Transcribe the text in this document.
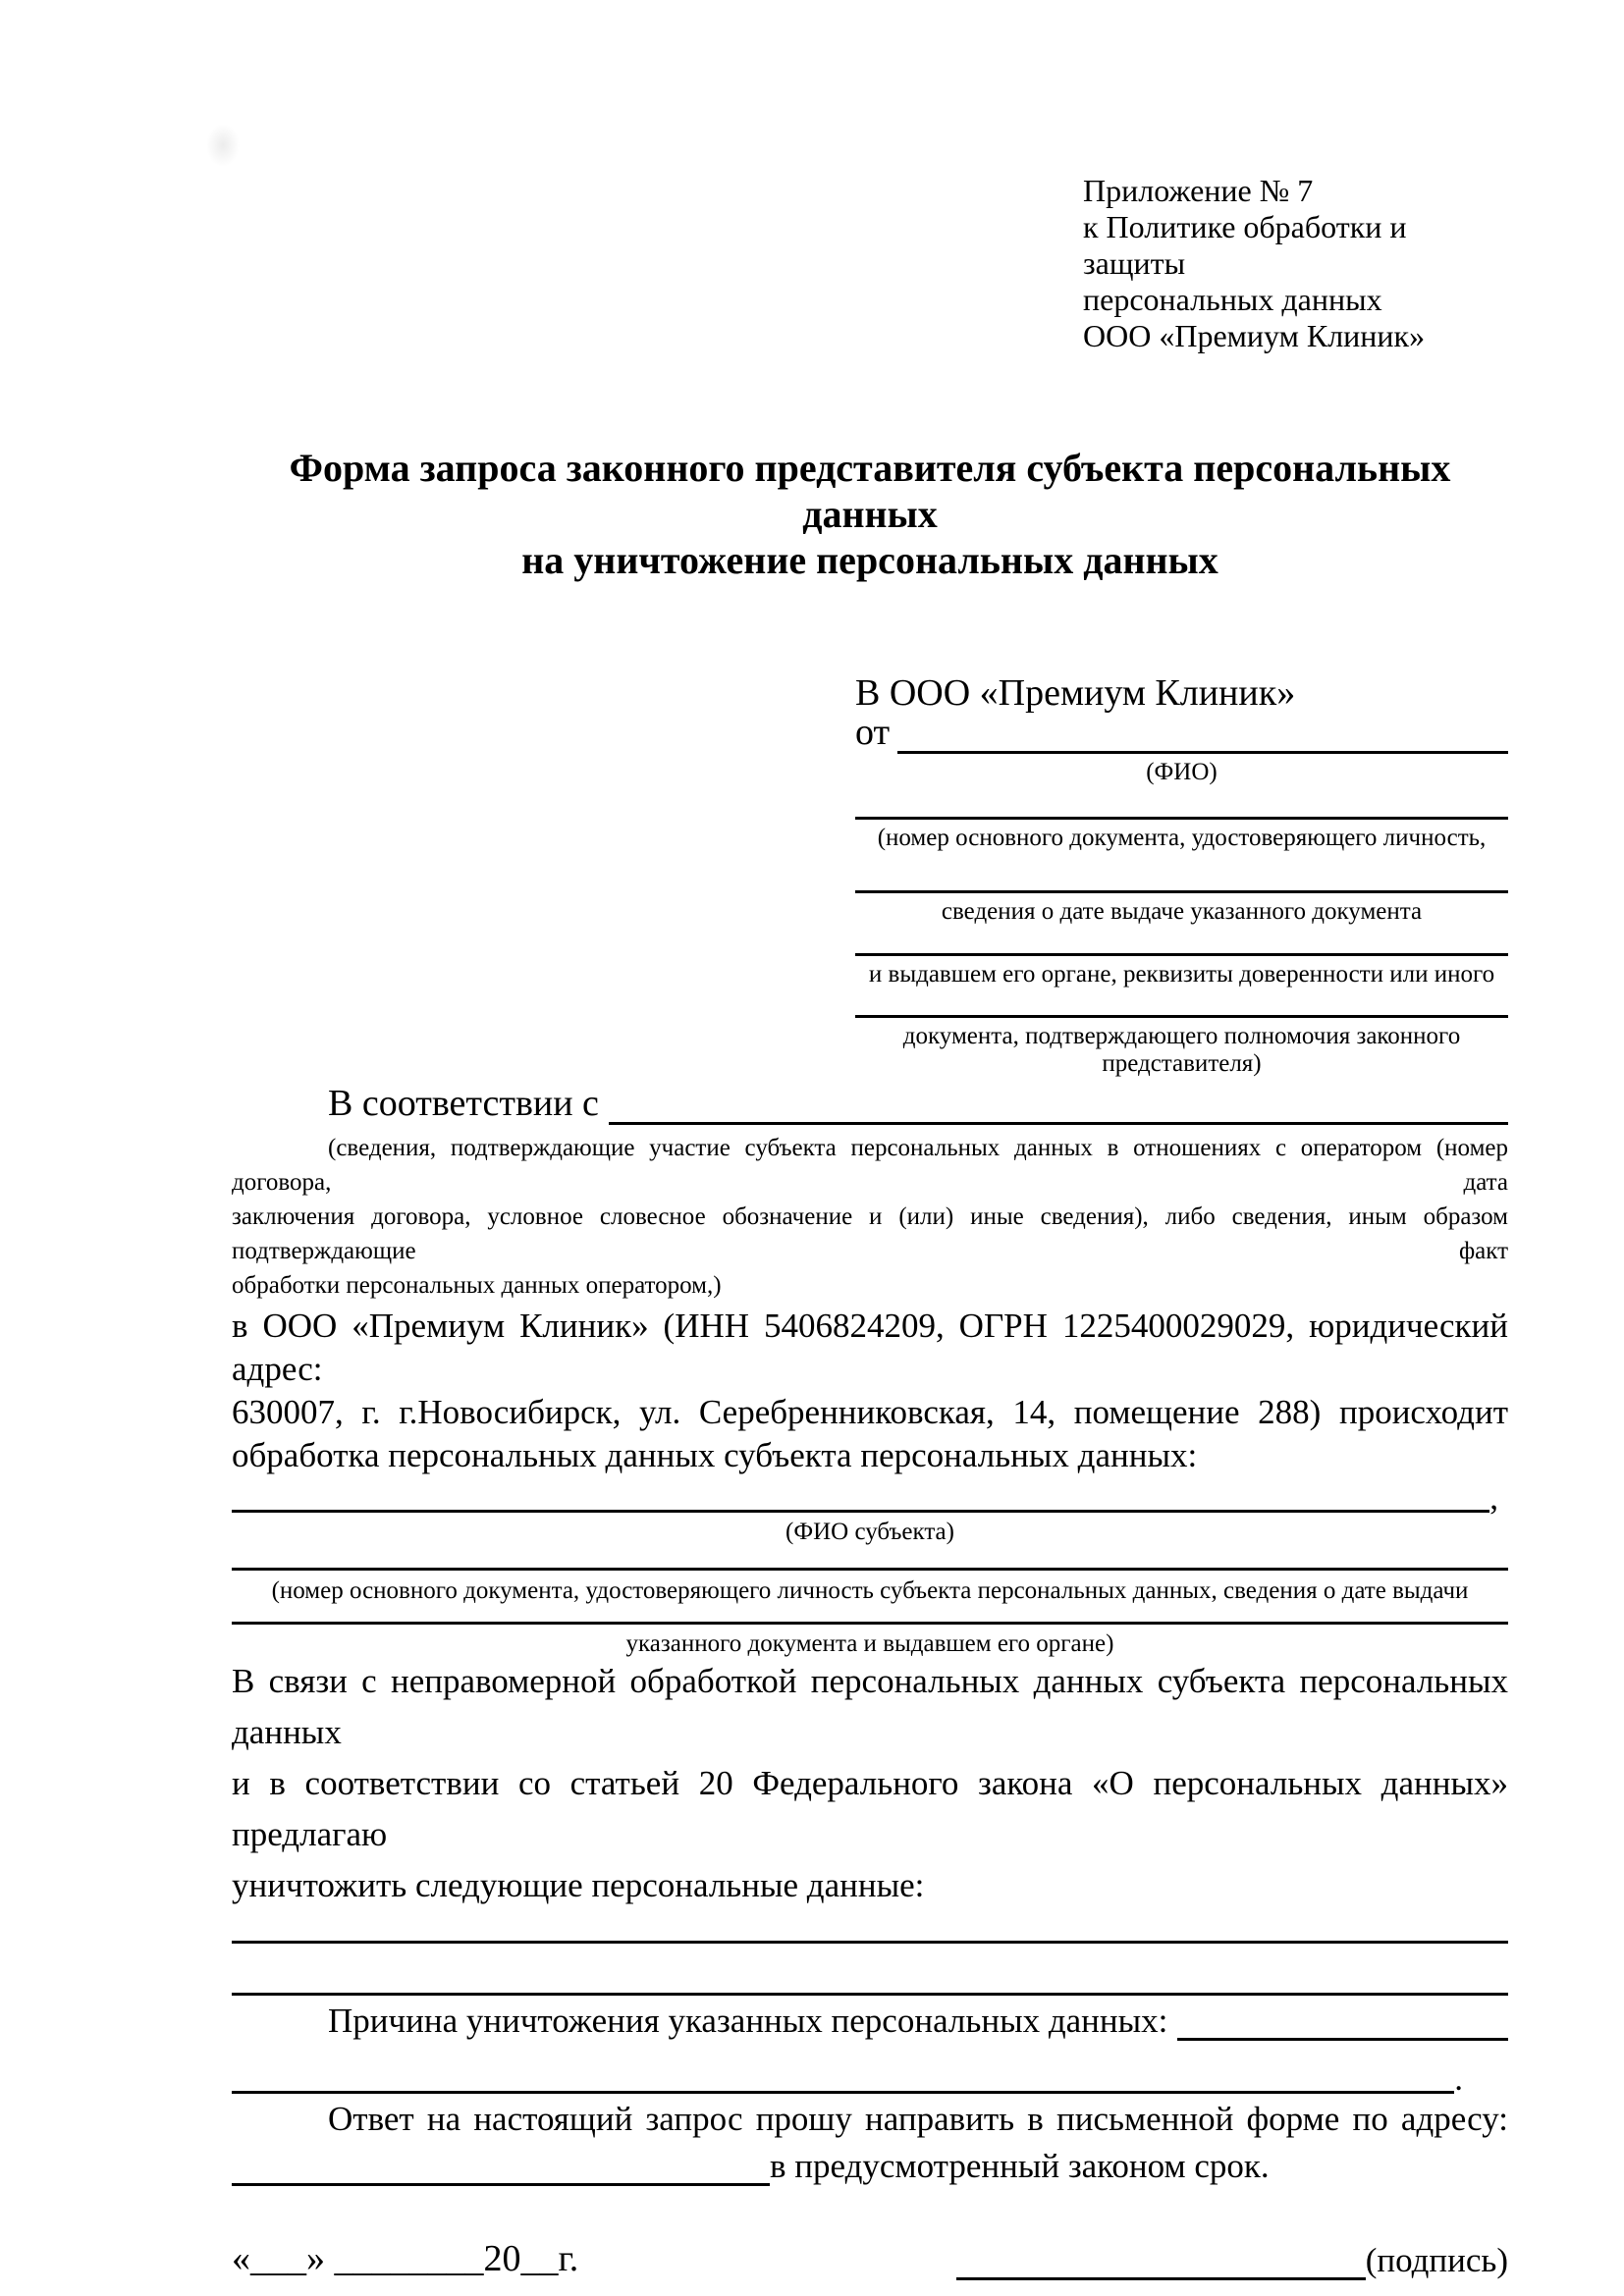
Приложение № 7
к Политике обработки и защиты
персональных данных
ООО «Премиум Клиник»
Форма запроса законного представителя субъекта персональных данных
на уничтожение персональных данных
В ООО «Премиум Клиник»
от
(ФИО)
(номер основного документа, удостоверяющего личность,
сведения о дате выдаче указанного документа
и выдавшем его органе, реквизиты доверенности или иного
документа, подтверждающего полномочия законного представителя)
В соответствии с
(сведения, подтверждающие участие субъекта персональных данных в отношениях с оператором (номер договора, дата
заключения договора, условное словесное обозначение и (или) иные сведения), либо сведения, иным образом подтверждающие факт
обработки персональных данных оператором,)
в ООО «Премиум Клиник» (ИНН 5406824209, ОГРН 1225400029029, юридический адрес:
630007, г. г.Новосибирск, ул. Серебренниковская, 14, помещение 288) происходит
обработка персональных данных субъекта персональных данных:
,
(ФИО субъекта)
(номер основного документа, удостоверяющего личность субъекта персональных данных, сведения о дате выдачи
указанного документа и выдавшем его органе)
В связи с неправомерной обработкой персональных данных субъекта персональных данных
и в соответствии со статьей 20 Федерального закона «О персональных данных» предлагаю
уничтожить следующие персональные данные:
Причина уничтожения указанных персональных данных:
.
Ответ на настоящий запрос прошу направить в письменной форме по адресу:
в предусмотренный законом срок.
«___» ________20__г.	(подпись)
